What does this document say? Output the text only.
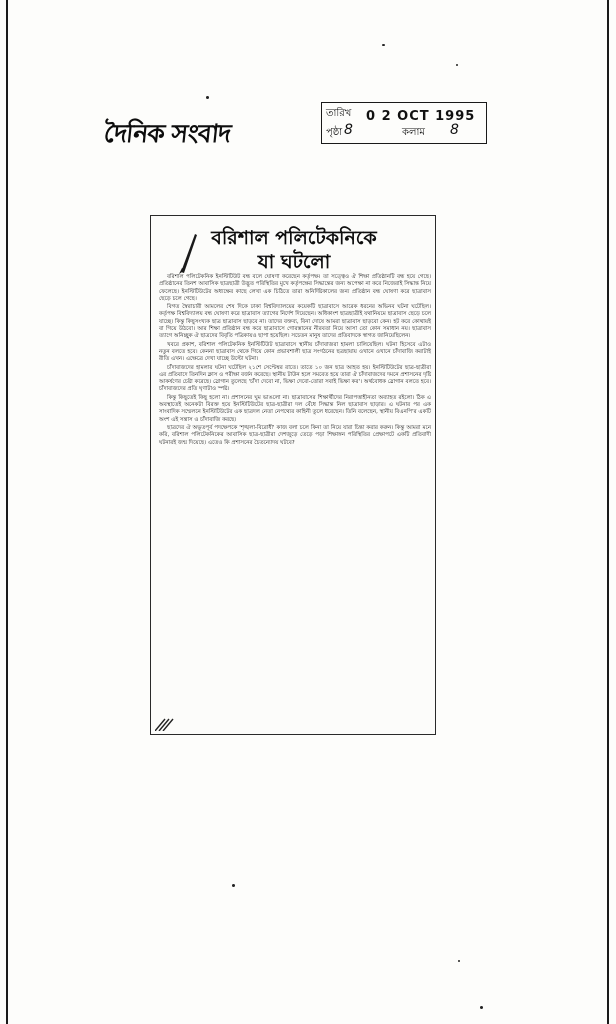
দৈনিক সংবাদ
তারিখ 0 2 OCT 1995
পৃষ্ঠা 8	কলাম 8
বরিশাল পলিটেকনিকে
যা ঘটলো

বরিশাল পলিটেকনিক ইনস্টিটিউট বন্ধ বলে ঘোষণা করেছেন কর্তৃপক্ষ। তা সত্ত্বেও ঐ শিক্ষা প্রতিষ্ঠানটি বন্ধ হয়ে গেছে। প্রতিষ্ঠানের তিনশ আবাসিক ছাত্রছাত্রী উদ্ভূত পরিস্থিতির মুখে কর্তৃপক্ষের সিদ্ধান্তের জন্য অপেক্ষা না করে নিজেরাই সিদ্ধান্ত নিয়ে ফেলেছে। ইনস্টিটিউটের অধ্যক্ষের কাছে লেখা এক চিঠিতে তারা অনির্দিষ্টকালের জন্য প্রতিষ্ঠান বন্ধ ঘোষণা করে ছাত্রাবাস ছেড়ে চলে গেছে।

বিগত স্বৈরাচারী আমলের শেষ দিকে ঢাকা বিশ্ববিদ্যালয়ের কয়েকটি ছাত্রাবাসে আরেক ধরনের অভিনব ঘটনা ঘটেছিল। কর্তৃপক্ষ বিশ্ববিদ্যালয় বন্ধ ঘোষণা করে ছাত্রাবাস ত্যাগের নির্দেশ দিয়েছেন। অধিকাংশ ছাত্রছাত্রীই যথানিয়মে ছাত্রাবাস ছেড়ে চলে যাচ্ছে। কিন্তু কিছুসংখ্যক ছাত্র ছাত্রাবাস ছাড়বে না। তাদের বক্তব্য, বিনা দোষে আমরা ছাত্রাবাস ছাড়বো কেন। হট করে কোথায়ই বা গিয়ে উঠবো। আর শিক্ষা প্রতিষ্ঠান বন্ধ করে ছাত্রাবাসে গোরস্তানের নীরবতা নিয়ে আসা তো কোন সমাধান নয়। ছাত্রাবাস ত্যাগে অনিচ্ছুক ঐ ছাত্রদের বিবৃতি পত্রিকায়ও ছাপা হয়েছিল। সচেতন মানুষ তাদের প্রতিবাদকে স্বাগত জানিয়েছিলেন।

খবরে প্রকাশ, বরিশাল পলিটেকনিক ইনস্টিটিউট ছাত্রাবাসে স্থানীয় চাঁদাবাজরা হামলা চালিয়েছিল। ঘটনা হিসেবে এটাও নতুন বলতে হবে। কেননা ছাত্রাবাস থেকে গিয়ে কোন প্রভাবশালী ছাত্র সংগঠনের ছত্রছায়ায় ওখানে ওখানে চাঁদাবাজি করাটাই রীতি এখন। এক্ষেত্রে দেখা যাচ্ছে উল্টো ঘটনা।

চাঁদাবাজদের হামলার ঘটনা ঘটেছিল ২১শে সেপ্টেম্বর রাতে। তাতে ১০ জন ছাত্র আহত হয়। ইনস্টিটিউটের ছাত্র-ছাত্রীরা এর প্রতিবাদে তিনদিন ক্লাস ও পরীক্ষা বর্জন করেছে। স্থানীয় টাউন হলে সমবেত হয়ে তারা ঐ চাঁদাবাজদের দমনে প্রশাসনের দৃষ্টি আকর্ষণের চেষ্টা করেছে। স্লোগান তুলেছে 'চাঁদা দেবো না, ভিক্ষা দেবো-তোরা সবাই ভিক্ষা কর'। অর্থবোধক স্লোগান বলতে হবে। চাঁদাবাজদের প্রতি ঘৃণাটাও স্পষ্ট।

কিন্তু কিছুতেই কিছু হলো না। প্রশাসনের ঘুম ভাঙলো না। ছাত্রাবাসের শিক্ষার্থীদের নিরাপত্তাহীনতা অব্যাহত রইলো। ঠিক এ অবস্থাতেই অনেকটা বিরক্ত হয়ে ইনস্টিটিউটের ছাত্র-ছাত্রীরা দল বেঁধে সিদ্ধান্ত নিল ছাত্রাবাস ছাড়ার। এ ঘটনার পর এক সাংবাদিক সম্মেলনে ইনস্টিটিউটের এক ছাত্রদল নেতা নেপথ্যের কাহিনী তুলে ধরেছেন। তিনি বলেছেন, স্থানীয় বিএনপি'র একটি অংশ এই সন্ত্রাস ও চাঁদাবাজি করছে।

ছাত্রদের ঐ অভূতপূর্ব পদক্ষেপকে 'শৃঙ্খলা-বিরোধী' কাজ বলা চলে কিনা তা নিয়ে যারা চিন্তা করার করুন। কিন্তু আমরা মনে করি, বরিশাল পলিটেকনিকের আবাসিক ছাত্র-ছাত্রীরা দেশজুড়ে তেড়ে পড়া শিক্ষাঙ্গন পরিস্থিতির প্রেক্ষাপটে একটি প্রতিবাদী ঘটনারই জন্ম দিয়েছে। এতেও কি প্রশাসনের চৈতন্যোদয় ঘটবে?
